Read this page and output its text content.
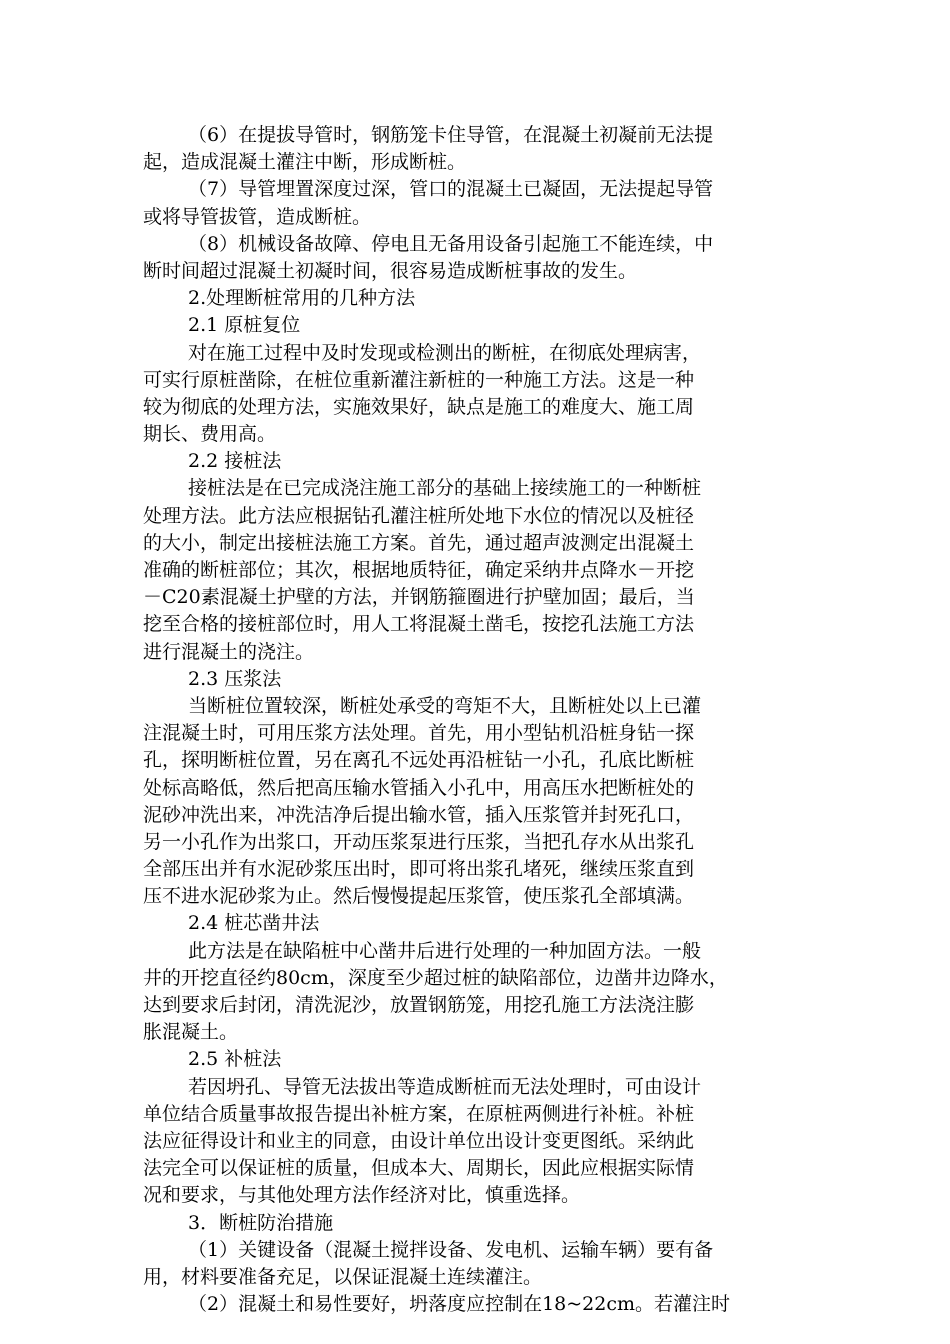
（6）在提拔导管时，钢筋笼卡住导管，在混凝土初凝前无法提
起，造成混凝土灌注中断，形成断桩。
（7）导管埋置深度过深，管口的混凝土已凝固，无法提起导管
或将导管拔管，造成断桩。
（8）机械设备故障、停电且无备用设备引起施工不能连续，中
断时间超过混凝土初凝时间，很容易造成断桩事故的发生。
2.处理断桩常用的几种方法
2.1 原桩复位
对在施工过程中及时发现或检测出的断桩，在彻底处理病害，
可实行原桩凿除，在桩位重新灌注新桩的一种施工方法。这是一种
较为彻底的处理方法，实施效果好，缺点是施工的难度大、施工周
期长、费用高。
2.2 接桩法
接桩法是在已完成浇注施工部分的基础上接续施工的一种断桩
处理方法。此方法应根据钻孔灌注桩所处地下水位的情况以及桩径
的大小，制定出接桩法施工方案。首先，通过超声波测定出混凝土
准确的断桩部位；其次，根据地质特征，确定采纳井点降水－开挖
－C20素混凝土护壁的方法，并钢筋箍圈进行护壁加固；最后，当
挖至合格的接桩部位时，用人工将混凝土凿毛，按挖孔法施工方法
进行混凝土的浇注。
2.3 压浆法
当断桩位置较深，断桩处承受的弯矩不大，且断桩处以上已灌
注混凝土时，可用压浆方法处理。首先，用小型钻机沿桩身钻一探
孔，探明断桩位置，另在离孔不远处再沿桩钻一小孔，孔底比断桩
处标高略低，然后把高压输水管插入小孔中，用高压水把断桩处的
泥砂冲洗出来，冲洗洁净后提出输水管，插入压浆管并封死孔口，
另一小孔作为出浆口，开动压浆泵进行压浆，当把孔存水从出浆孔
全部压出并有水泥砂浆压出时，即可将出浆孔堵死，继续压浆直到
压不进水泥砂浆为止。然后慢慢提起压浆管，使压浆孔全部填满。
2.4 桩芯凿井法
此方法是在缺陷桩中心凿井后进行处理的一种加固方法。一般
井的开挖直径约80cm，深度至少超过桩的缺陷部位，边凿井边降水，
达到要求后封闭，清洗泥沙，放置钢筋笼，用挖孔施工方法浇注膨
胀混凝土。
2.5 补桩法
若因坍孔、导管无法拔出等造成断桩而无法处理时，可由设计
单位结合质量事故报告提出补桩方案，在原桩两侧进行补桩。补桩
法应征得设计和业主的同意，由设计单位出设计变更图纸。采纳此
法完全可以保证桩的质量，但成本大、周期长，因此应根据实际情
况和要求，与其他处理方法作经济对比，慎重选择。
3．断桩防治措施
（1）关键设备（混凝土搅拌设备、发电机、运输车辆）要有备
用，材料要准备充足，以保证混凝土连续灌注。
（2）混凝土和易性要好，坍落度应控制在18~22cm。若灌注时
